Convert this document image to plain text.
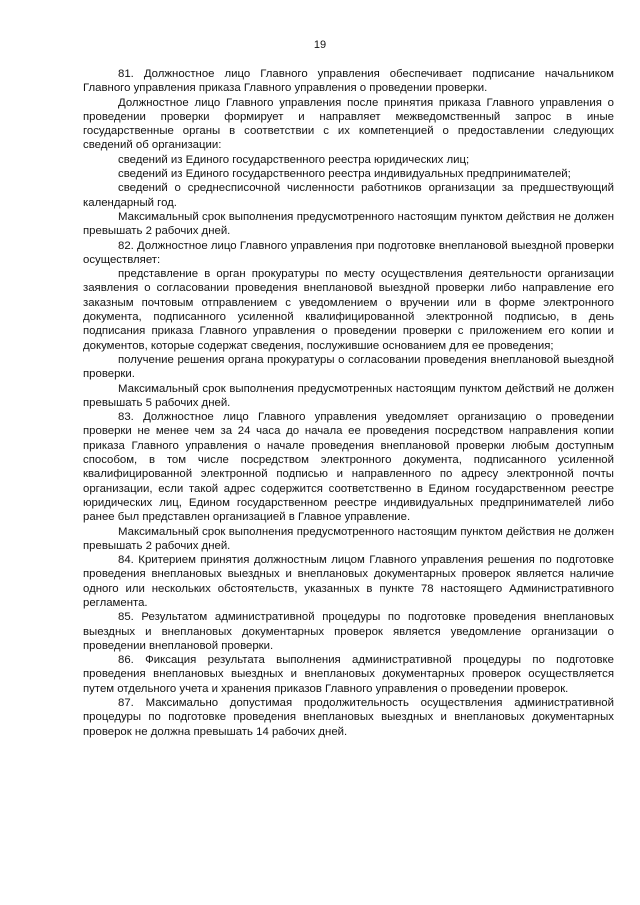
19

81. Должностное лицо Главного управления обеспечивает подписание начальником Главного управления приказа Главного управления о проведении проверки.

Должностное лицо Главного управления после принятия приказа Главного управления о проведении проверки формирует и направляет межведомственный запрос в иные государственные органы в соответствии с их компетенцией о предоставлении следующих сведений об организации:

сведений из Единого государственного реестра юридических лиц;

сведений из Единого государственного реестра индивидуальных предпринимателей;

сведений о среднесписочной численности работников организации за предшествующий календарный год.

Максимальный срок выполнения предусмотренного настоящим пунктом действия не должен превышать 2 рабочих дней.

82. Должностное лицо Главного управления при подготовке внеплановой выездной проверки осуществляет:

представление в орган прокуратуры по месту осуществления деятельности организации заявления о согласовании проведения внеплановой выездной проверки либо направление его заказным почтовым отправлением с уведомлением о вручении или в форме электронного документа, подписанного усиленной квалифицированной электронной подписью, в день подписания приказа Главного управления о проведении проверки с приложением его копии и документов, которые содержат сведения, послужившие основанием для ее проведения;

получение решения органа прокуратуры о согласовании проведения внеплановой выездной проверки.

Максимальный срок выполнения предусмотренных настоящим пунктом действий не должен превышать 5 рабочих дней.

83. Должностное лицо Главного управления уведомляет организацию о проведении проверки не менее чем за 24 часа до начала ее проведения посредством направления копии приказа Главного управления о начале проведения внеплановой проверки любым доступным способом, в том числе посредством электронного документа, подписанного усиленной квалифицированной электронной подписью и направленного по адресу электронной почты организации, если такой адрес содержится соответственно в Едином государственном реестре юридических лиц, Едином государственном реестре индивидуальных предпринимателей либо ранее был представлен организацией в Главное управление.

Максимальный срок выполнения предусмотренного настоящим пунктом действия не должен превышать 2 рабочих дней.

84. Критерием принятия должностным лицом Главного управления решения по подготовке проведения внеплановых выездных и внеплановых документарных проверок является наличие одного или нескольких обстоятельств, указанных в пункте 78 настоящего Административного регламента.

85. Результатом административной процедуры по подготовке проведения внеплановых выездных и внеплановых документарных проверок является уведомление организации о проведении внеплановой проверки.

86. Фиксация результата выполнения административной процедуры по подготовке проведения внеплановых выездных и внеплановых документарных проверок осуществляется путем отдельного учета и хранения приказов Главного управления о проведении проверок.

87. Максимально допустимая продолжительность осуществления административной процедуры по подготовке проведения внеплановых выездных и внеплановых документарных проверок не должна превышать 14 рабочих дней.
